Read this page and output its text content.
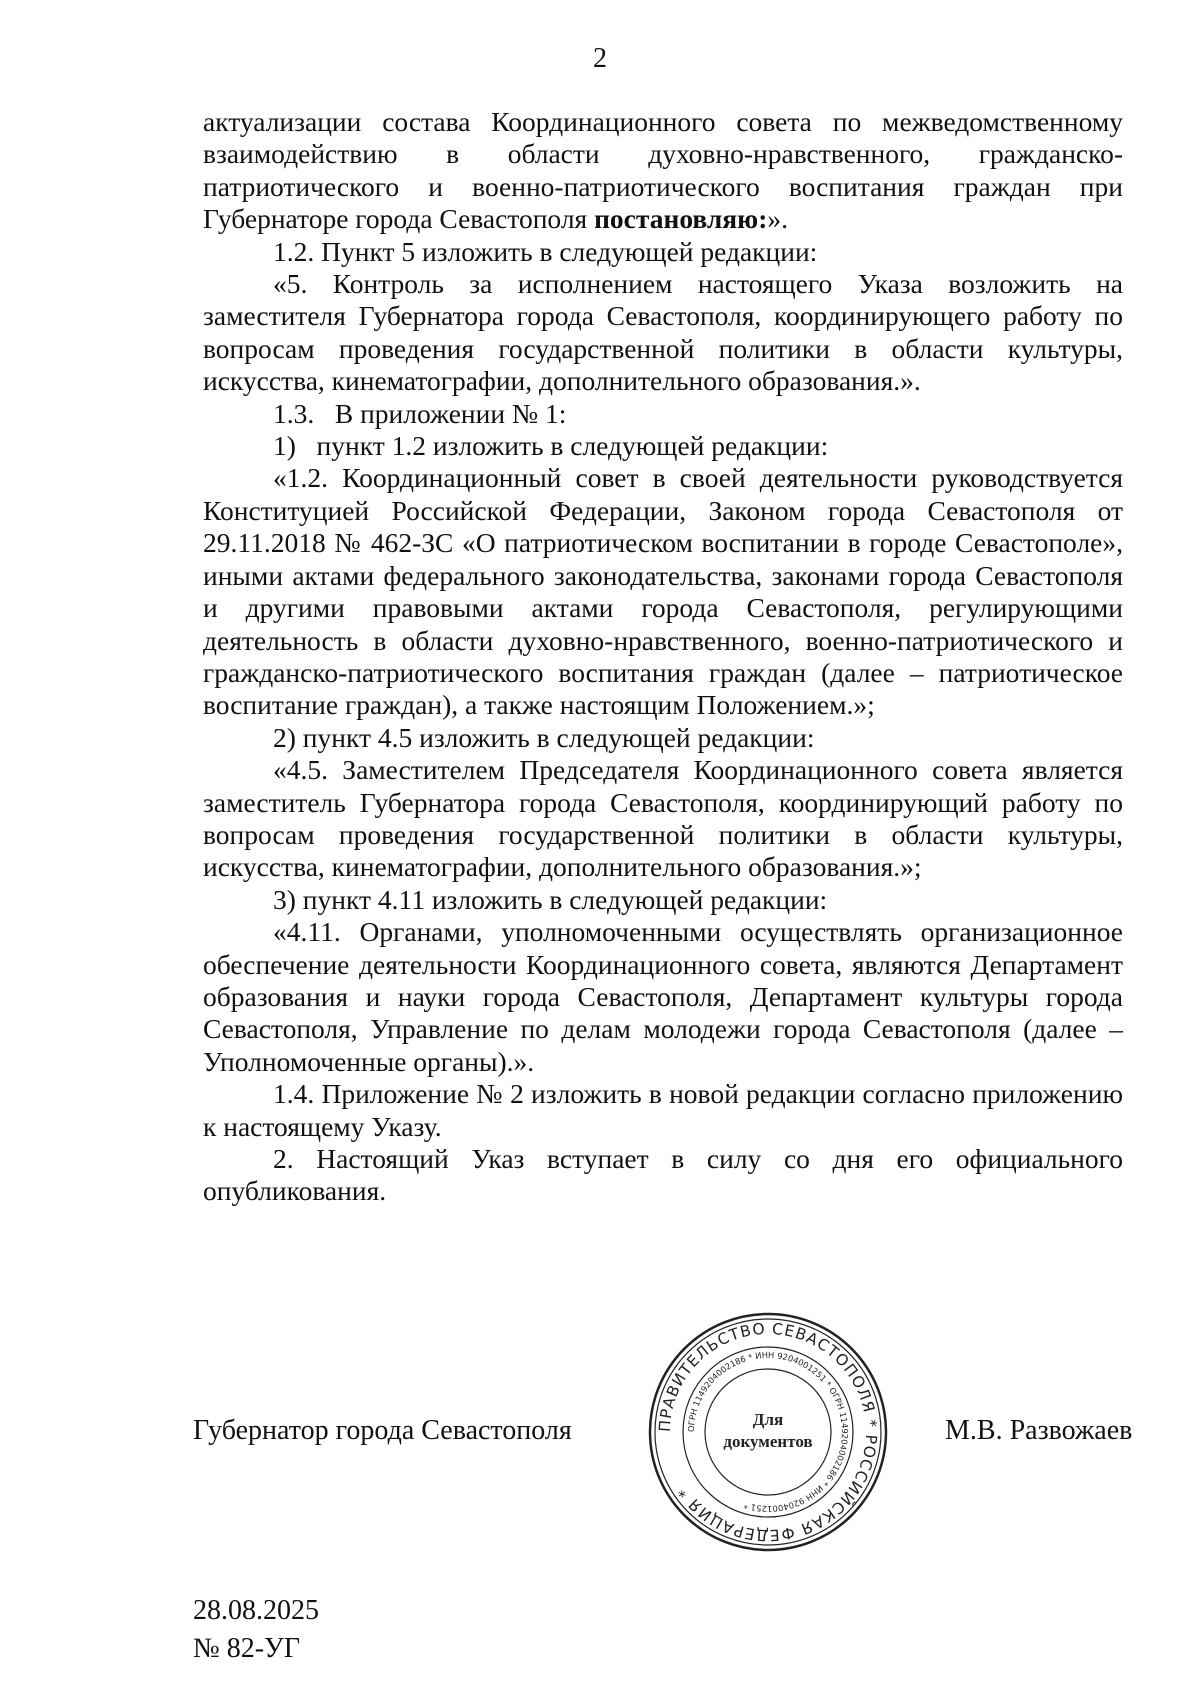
2

актуализации состава Координационного совета по межведомственному взаимодействию в области духовно-нравственного, гражданско-патриотического и военно-патриотического воспитания граждан при Губернаторе города Севастополя постановляю:».

1.2. Пункт 5 изложить в следующей редакции:

«5. Контроль за исполнением настоящего Указа возложить на заместителя Губернатора города Севастополя, координирующего работу по вопросам проведения государственной политики в области культуры, искусства, кинематографии, дополнительного образования.».

1.3.   В приложении № 1:

1)   пункт 1.2 изложить в следующей редакции:

«1.2. Координационный совет в своей деятельности руководствуется Конституцией Российской Федерации, Законом города Севастополя от 29.11.2018 № 462-ЗС «О патриотическом воспитании в городе Севастополе», иными актами федерального законодательства, законами города Севастополя и другими правовыми актами города Севастополя, регулирующими деятельность в области духовно-нравственного, военно-патриотического и гражданско-патриотического воспитания граждан (далее – патриотическое воспитание граждан), а также настоящим Положением.»;

2) пункт 4.5 изложить в следующей редакции:

«4.5. Заместителем Председателя Координационного совета является заместитель Губернатора города Севастополя, координирующий работу по вопросам проведения государственной политики в области культуры, искусства, кинематографии, дополнительного образования.»;

3) пункт 4.11 изложить в следующей редакции:

«4.11. Органами, уполномоченными осуществлять организационное обеспечение деятельности Координационного совета, являются Департамент образования и науки города Севастополя, Департамент культуры города Севастополя, Управление по делам молодежи города Севастополя (далее – Уполномоченные органы).».

1.4. Приложение № 2 изложить в новой редакции согласно приложению к настоящему Указу.

2. Настоящий Указ вступает в силу со дня его официального опубликования.

Губернатор города Севастополя	ПРАВИТЕЛЬСТВО СЕВАСТОПОЛЯ * РОССИЙСКАЯ ФЕДЕРАЦИЯ *
ОГРН 1149204002186 * ИНН 9204001251 * ОГРН 1149204002186 * ИНН 9204001251 *
Для
документов	М.В. Развожаев
28.08.2025
№ 82-УГ
